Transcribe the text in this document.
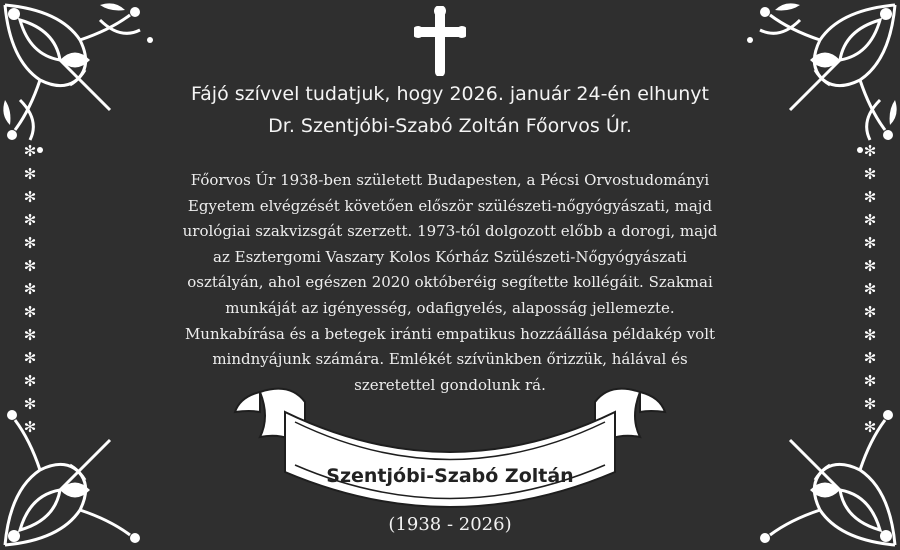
✻
✻
✻
✻
✻
✻
✻
✻
✻
✻
✻
✻
✻
✻
✻
✻
✻
✻
✻
✻
✻
✻
✻
✻
✻
✻
Fájó szívvel tudatjuk, hogy 2026. január 24-én elhunyt
Dr. Szentjóbi-Szabó Zoltán Főorvos Úr.
Főorvos Úr 1938-ben született Budapesten, a Pécsi Orvostudományi
Egyetem elvégzését követően először szülészeti-nőgyógyászati, majd
urológiai szakvizsgát szerzett. 1973-tól dolgozott előbb a dorogi, majd
az Esztergomi Vaszary Kolos Kórház Szülészeti-Nőgyógyászati
osztályán, ahol egészen 2020 októberéig segítette kollégáit. Szakmai
munkáját az igényesség, odafigyelés, alaposság jellemezte.
Munkabírása és a betegek iránti empatikus hozzáállása példakép volt
mindnyájunk számára. Emlékét szívünkben őrizzük, hálával és
szeretettel gondolunk rá.
Szentjóbi-Szabó Zoltán
(1938 - 2026)
